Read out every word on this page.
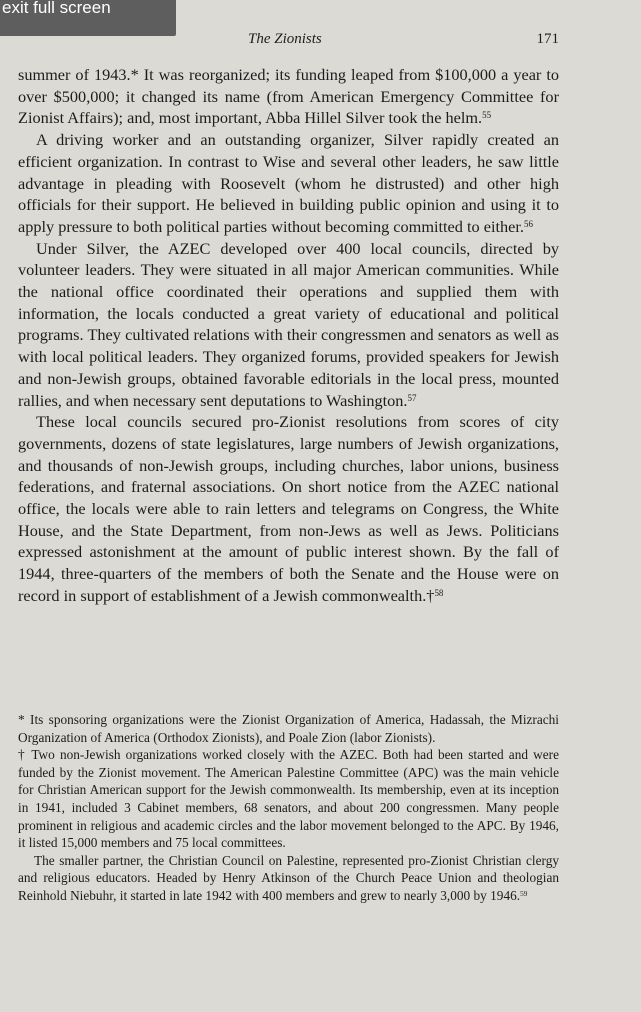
The Zionists	171

summer of 1943.* It was reorganized; its funding leaped from $100,000 a year to over $500,000; it changed its name (from American Emergency Committee for Zionist Affairs); and, most important, Abba Hillel Silver took the helm.$^{55}$

A driving worker and an outstanding organizer, Silver rapidly created an efficient organization. In contrast to Wise and several other leaders, he saw little advantage in pleading with Roosevelt (whom he distrusted) and other high officials for their support. He believed in building public opinion and using it to apply pressure to both political parties without becoming committed to either.$^{56}$

Under Silver, the AZEC developed over 400 local councils, directed by volunteer leaders. They were situated in all major American communities. While the national office coordinated their operations and supplied them with information, the locals conducted a great variety of educational and political programs. They cultivated relations with their congressmen and senators as well as with local political leaders. They organized forums, provided speakers for Jewish and non-Jewish groups, obtained favorable editorials in the local press, mounted rallies, and when necessary sent deputations to Washington.$^{57}$

These local councils secured pro-Zionist resolutions from scores of city governments, dozens of state legislatures, large numbers of Jewish organizations, and thousands of non-Jewish groups, including churches, labor unions, business federations, and fraternal associations. On short notice from the AZEC national office, the locals were able to rain letters and telegrams on Congress, the White House, and the State Department, from non-Jews as well as Jews. Politicians expressed astonishment at the amount of public interest shown. By the fall of 1944, three-quarters of the members of both the Senate and the House were on record in support of establishment of a Jewish commonwealth.†$^{58}$

* Its sponsoring organizations were the Zionist Organization of America, Hadassah, the Mizrachi Organization of America (Orthodox Zionists), and Poale Zion (labor Zionists).

† Two non-Jewish organizations worked closely with the AZEC. Both had been started and were funded by the Zionist movement. The American Palestine Committee (APC) was the main vehicle for Christian American support for the Jewish commonwealth. Its membership, even at its inception in 1941, included 3 Cabinet members, 68 senators, and about 200 congressmen. Many people prominent in religious and academic circles and the labor movement belonged to the APC. By 1946, it listed 15,000 members and 75 local committees.

The smaller partner, the Christian Council on Palestine, represented pro-Zionist Christian clergy and religious educators. Headed by Henry Atkinson of the Church Peace Union and theologian Reinhold Niebuhr, it started in late 1942 with 400 members and grew to nearly 3,000 by 1946.59

exit full screen
